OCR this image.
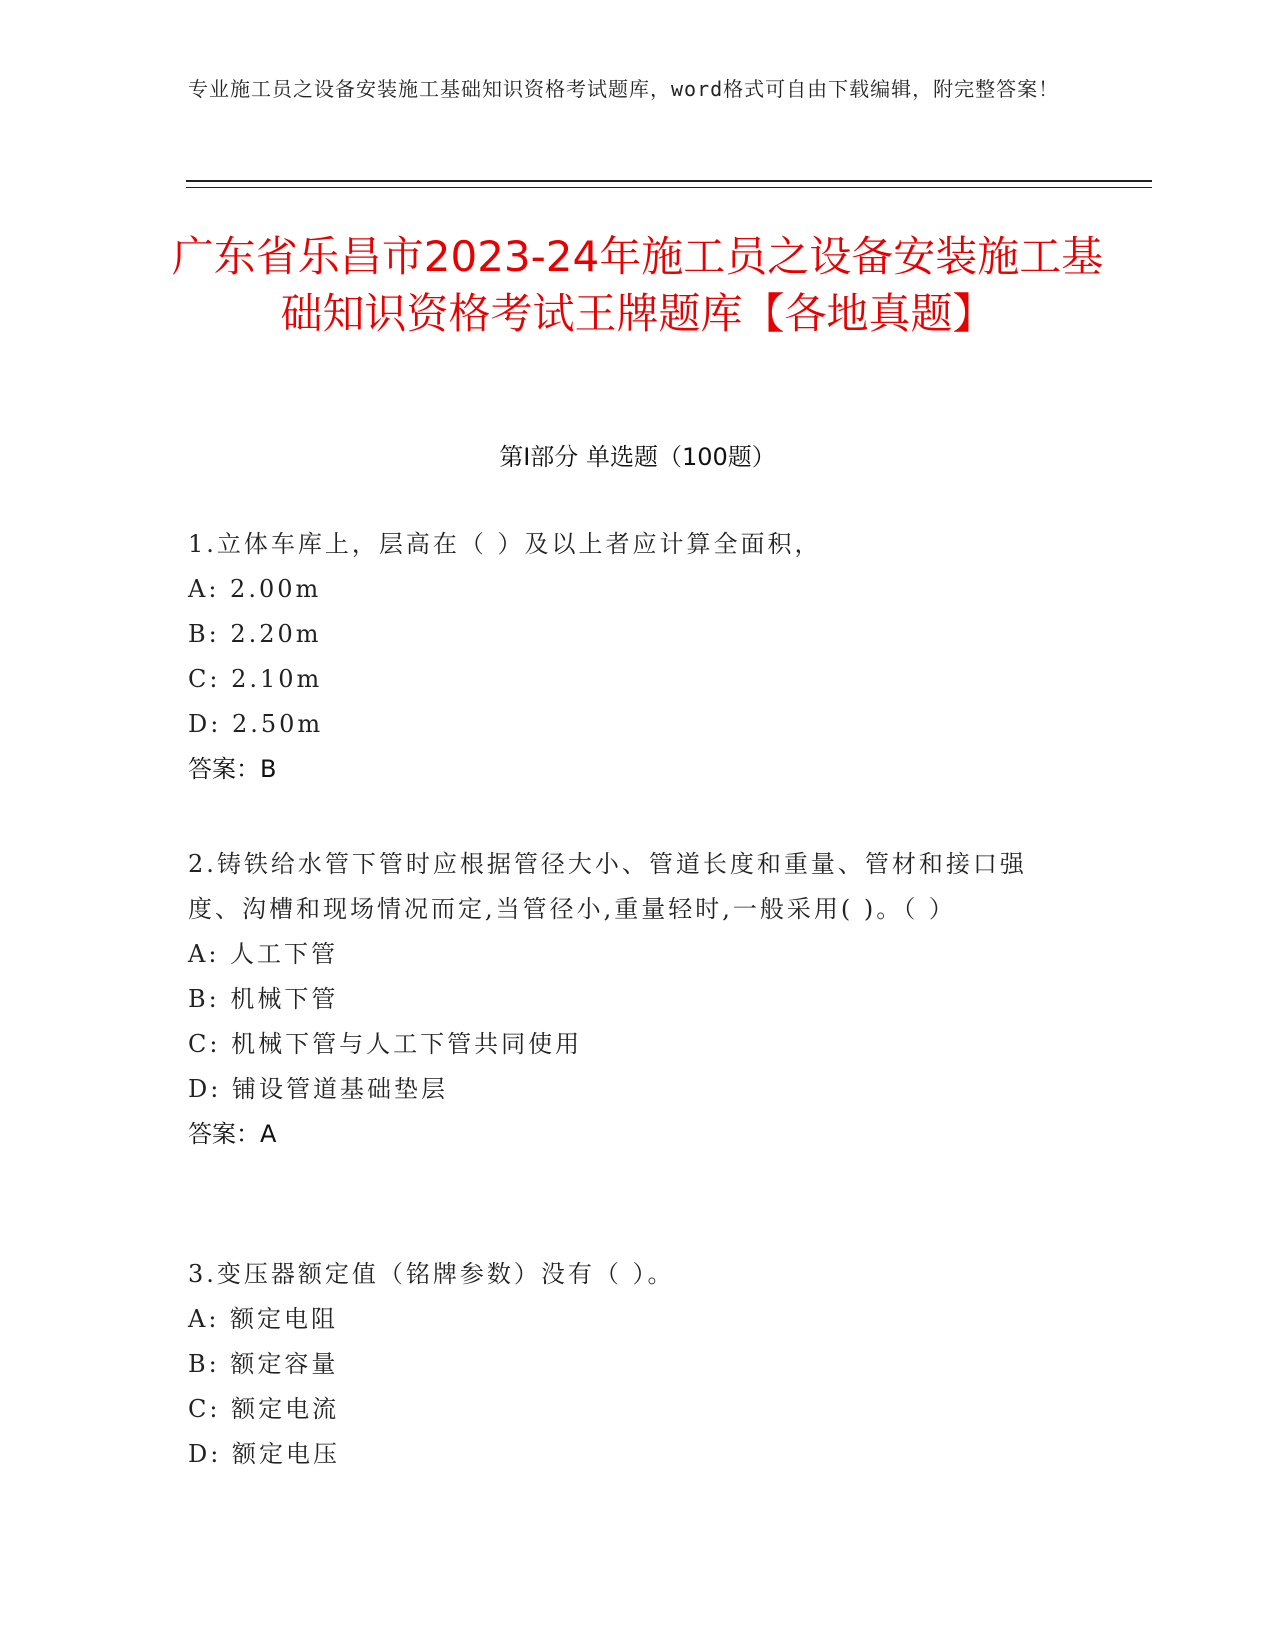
专业施工员之设备安装施工基础知识资格考试题库，word格式可自由下载编辑，附完整答案！
广东省乐昌市2023-24年施工员之设备安装施工基础知识资格考试王牌题库【各地真题】
第Ⅰ部分 单选题（100题）
1.立体车库上，层高在（ ）及以上者应计算全面积，
A: 2.00m
B: 2.20m
C: 2.10m
D: 2.50m
答案：B
2.铸铁给水管下管时应根据管径大小、管道长度和重量、管材和接口强度、沟槽和现场情况而定,当管径小,重量轻时,一般采用( )。（ ）
A: 人工下管
B: 机械下管
C: 机械下管与人工下管共同使用
D: 铺设管道基础垫层
答案：A
3.变压器额定值（铭牌参数）没有（ ）。
A: 额定电阻
B: 额定容量
C: 额定电流
D: 额定电压
